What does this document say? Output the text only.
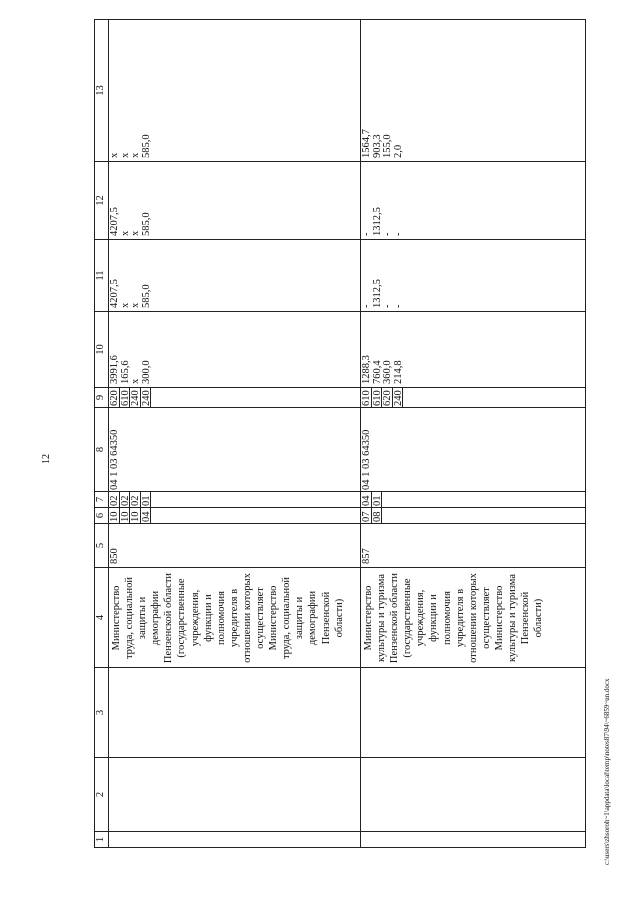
12
c:\users\zhsoroh~1\appdata\local\temp\notes87\94\~6859~un.docx
1
2
3
4
5
6
7
8
9
10
11
12
13
Министерство труда, социальной защиты и демографии Пензенской области (государственные учреждения, функции и полномочия учредителя в отношении которых осуществляет Министерство труда, социальной защиты и демографии Пензенской области)
850
10
02
04 1 03 64350
620
3991,6
4207,5
4207,5
x
10
02
610
165,6
x
x
x
10
02
240
x
x
x
x
04
01
240
300,0
585,0
585,0
585,0
Министерство культуры и туризма Пензенской области (государственные учреждения, функции и полномочия учредителя в отношении которых осуществляет Министерство культуры и туризма Пензенской области)
857
07
04
04 1 03 64350
610
1288,3
-
-
1564,7
08
01
610
760,4
1312,5
1312,5
903,3
620
360,0
-
-
155,0
240
214,8
-
-
2,0
